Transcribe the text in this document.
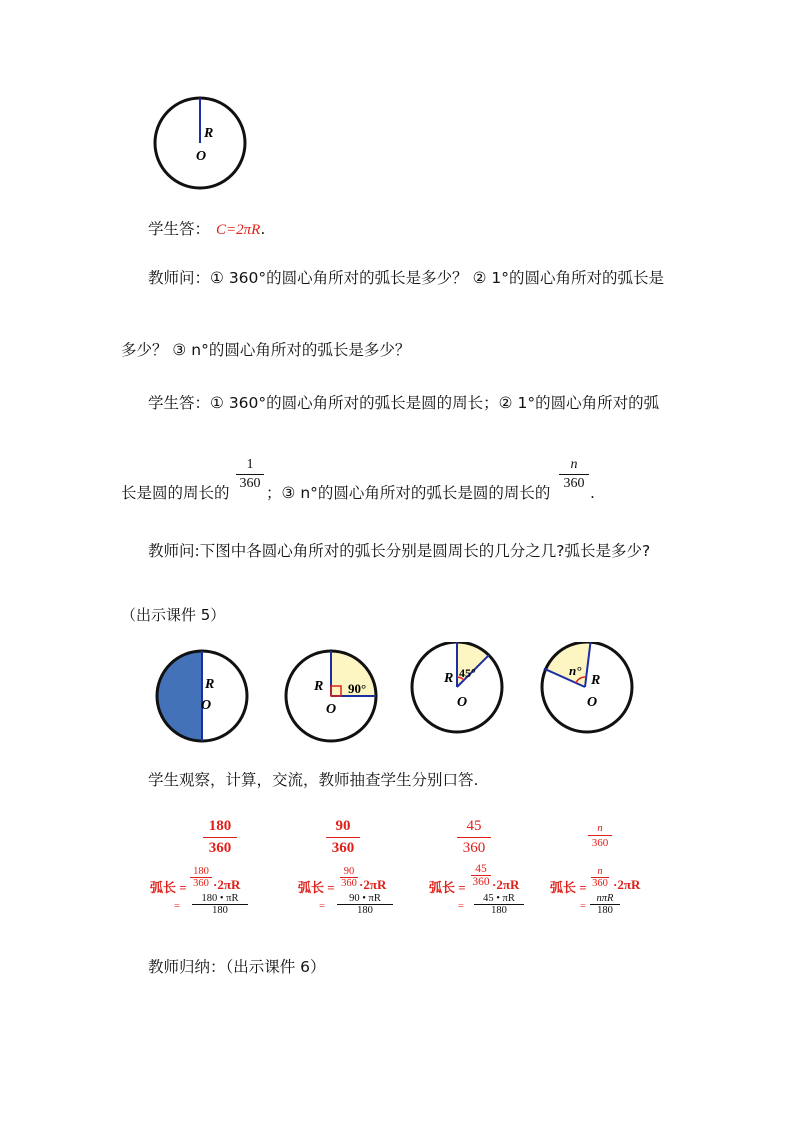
R
O
学生答： C=2πR.
教师问：① 360°的圆心角所对的弧长是多少？ ② 1°的圆心角所对的弧长是
多少？ ③ n°的圆心角所对的弧长是多少？
学生答：① 360°的圆心角所对的弧长是圆的周长；② 1°的圆心角所对的弧
长是圆的周长的
1
360
；③ n°的圆心角所对的弧长是圆的周长的
n
360
.
教师问:下图中各圆心角所对的弧长分别是圆周长的几分之几?弧长是多少?
（出示课件 5）
R
O
R
O
90°
R
O
45°	R
O
n°
学生观察，计算，交流，教师抽查学生分别口答.
180
360
90
360
45
360
n
360
弧长 =
180
360 ·2πR
=
180 • πR
180
弧长 =
90
360 ·2πR
=
90 • πR
180
弧长 =
45
360 ·2πR
=
45 • πR
180
弧长 =
n
360 ·2πR
=
nπR
180
教师归纳：（出示课件 6）
